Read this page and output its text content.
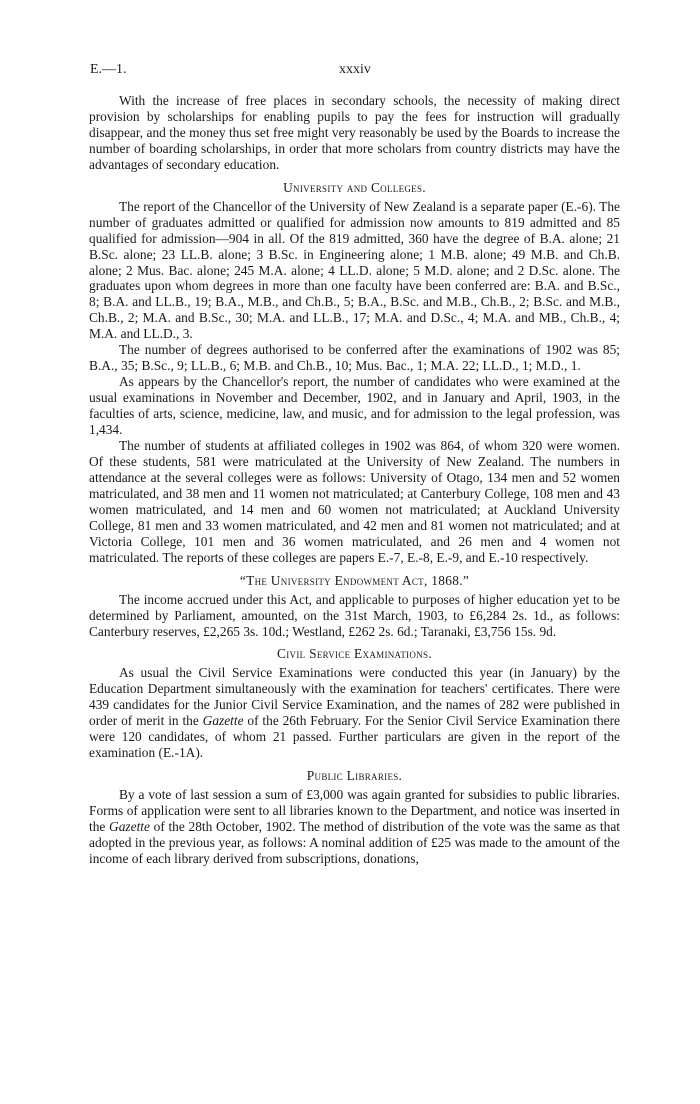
E.—1.	xxxiv

With the increase of free places in secondary schools, the necessity of making direct provision by scholarships for enabling pupils to pay the fees for instruction will gradually disappear, and the money thus set free might very reasonably be used by the Boards to increase the number of boarding scholarships, in order that more scholars from country districts may have the advantages of secondary education.

University and Colleges.

The report of the Chancellor of the University of New Zealand is a separate paper (E.-6). The number of graduates admitted or qualified for admission now amounts to 819 admitted and 85 qualified for admission—904 in all. Of the 819 admitted, 360 have the degree of B.A. alone; 21 B.Sc. alone; 23 LL.B. alone; 3 B.Sc. in Engineering alone; 1 M.B. alone; 49 M.B. and Ch.B. alone; 2 Mus. Bac. alone; 245 M.A. alone; 4 LL.D. alone; 5 M.D. alone; and 2 D.Sc. alone. The graduates upon whom degrees in more than one faculty have been conferred are: B.A. and B.Sc., 8; B.A. and LL.B., 19; B.A., M.B., and Ch.B., 5; B.A., B.Sc. and M.B., Ch.B., 2; B.Sc. and M.B., Ch.B., 2; M.A. and B.Sc., 30; M.A. and LL.B., 17; M.A. and D.Sc., 4; M.A. and MB., Ch.B., 4; M.A. and LL.D., 3.

The number of degrees authorised to be conferred after the examinations of 1902 was 85; B.A., 35; B.Sc., 9; LL.B., 6; M.B. and Ch.B., 10; Mus. Bac., 1; M.A. 22; LL.D., 1; M.D., 1.

As appears by the Chancellor's report, the number of candidates who were examined at the usual examinations in November and December, 1902, and in January and April, 1903, in the faculties of arts, science, medicine, law, and music, and for admission to the legal profession, was 1,434.

The number of students at affiliated colleges in 1902 was 864, of whom 320 were women. Of these students, 581 were matriculated at the University of New Zealand. The numbers in attendance at the several colleges were as follows: University of Otago, 134 men and 52 women matriculated, and 38 men and 11 women not matriculated; at Canterbury College, 108 men and 43 women matriculated, and 14 men and 60 women not matriculated; at Auckland University College, 81 men and 33 women matriculated, and 42 men and 81 women not matriculated; and at Victoria College, 101 men and 36 women matriculated, and 26 men and 4 women not matriculated. The reports of these colleges are papers E.-7, E.-8, E.-9, and E.-10 respectively.

“The University Endowment Act, 1868.”

The income accrued under this Act, and applicable to purposes of higher education yet to be determined by Parliament, amounted, on the 31st March, 1903, to £6,284 2s. 1d., as follows: Canterbury reserves, £2,265 3s. 10d.; Westland, £262 2s. 6d.; Taranaki, £3,756 15s. 9d.

Civil Service Examinations.

As usual the Civil Service Examinations were conducted this year (in January) by the Education Department simultaneously with the examination for teachers' certificates. There were 439 candidates for the Junior Civil Service Examination, and the names of 282 were published in order of merit in the Gazette of the 26th February. For the Senior Civil Service Examination there were 120 candidates, of whom 21 passed. Further particulars are given in the report of the examination (E.-1A).

Public Libraries.

By a vote of last session a sum of £3,000 was again granted for subsidies to public libraries. Forms of application were sent to all libraries known to the Department, and notice was inserted in the Gazette of the 28th October, 1902. The method of distribution of the vote was the same as that adopted in the previous year, as follows: A nominal addition of £25 was made to the amount of the income of each library derived from subscriptions, donations,
